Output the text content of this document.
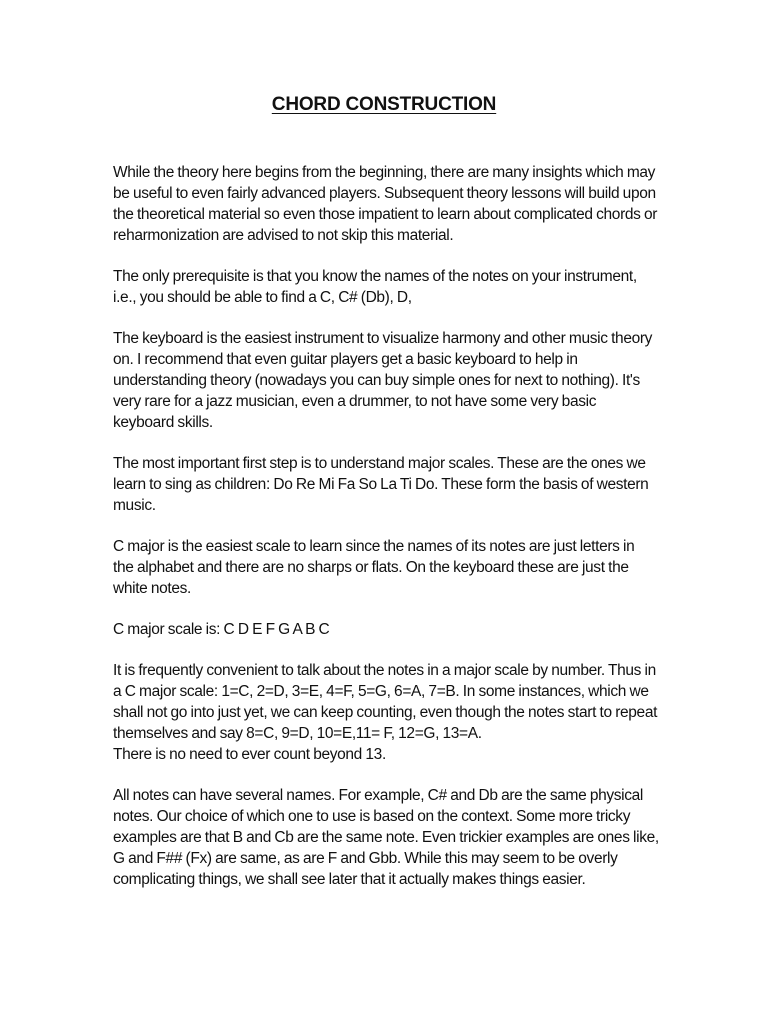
CHORD CONSTRUCTION

While the theory here begins from the beginning, there are many insights which may
be useful to even fairly advanced players. Subsequent theory lessons will build upon
the theoretical material so even those impatient to learn about complicated chords or
reharmonization are advised to not skip this material.

The only prerequisite is that you know the names of the notes on your instrument,
i.e., you should be able to find a C, C# (Db), D,

The keyboard is the easiest instrument to visualize harmony and other music theory
on. I recommend that even guitar players get a basic keyboard to help in
understanding theory (nowadays you can buy simple ones for next to nothing). It's
very rare for a jazz musician, even a drummer, to not have some very basic
keyboard skills.

The most important first step is to understand major scales. These are the ones we
learn to sing as children: Do Re Mi Fa So La Ti Do. These form the basis of western
music.

C major is the easiest scale to learn since the names of its notes are just letters in
the alphabet and there are no sharps or flats. On the keyboard these are just the
white notes.

C major scale is: C D E F G A B C

It is frequently convenient to talk about the notes in a major scale by number. Thus in
a C major scale: 1=C, 2=D, 3=E, 4=F, 5=G, 6=A, 7=B. In some instances, which we
shall not go into just yet, we can keep counting, even though the notes start to repeat
themselves and say 8=C, 9=D, 10=E,11= F, 12=G, 13=A.
There is no need to ever count beyond 13.

All notes can have several names. For example, C# and Db are the same physical
notes. Our choice of which one to use is based on the context. Some more tricky
examples are that B and Cb are the same note. Even trickier examples are ones like,
G and F## (Fx) are same, as are F and Gbb. While this may seem to be overly
complicating things, we shall see later that it actually makes things easier.
